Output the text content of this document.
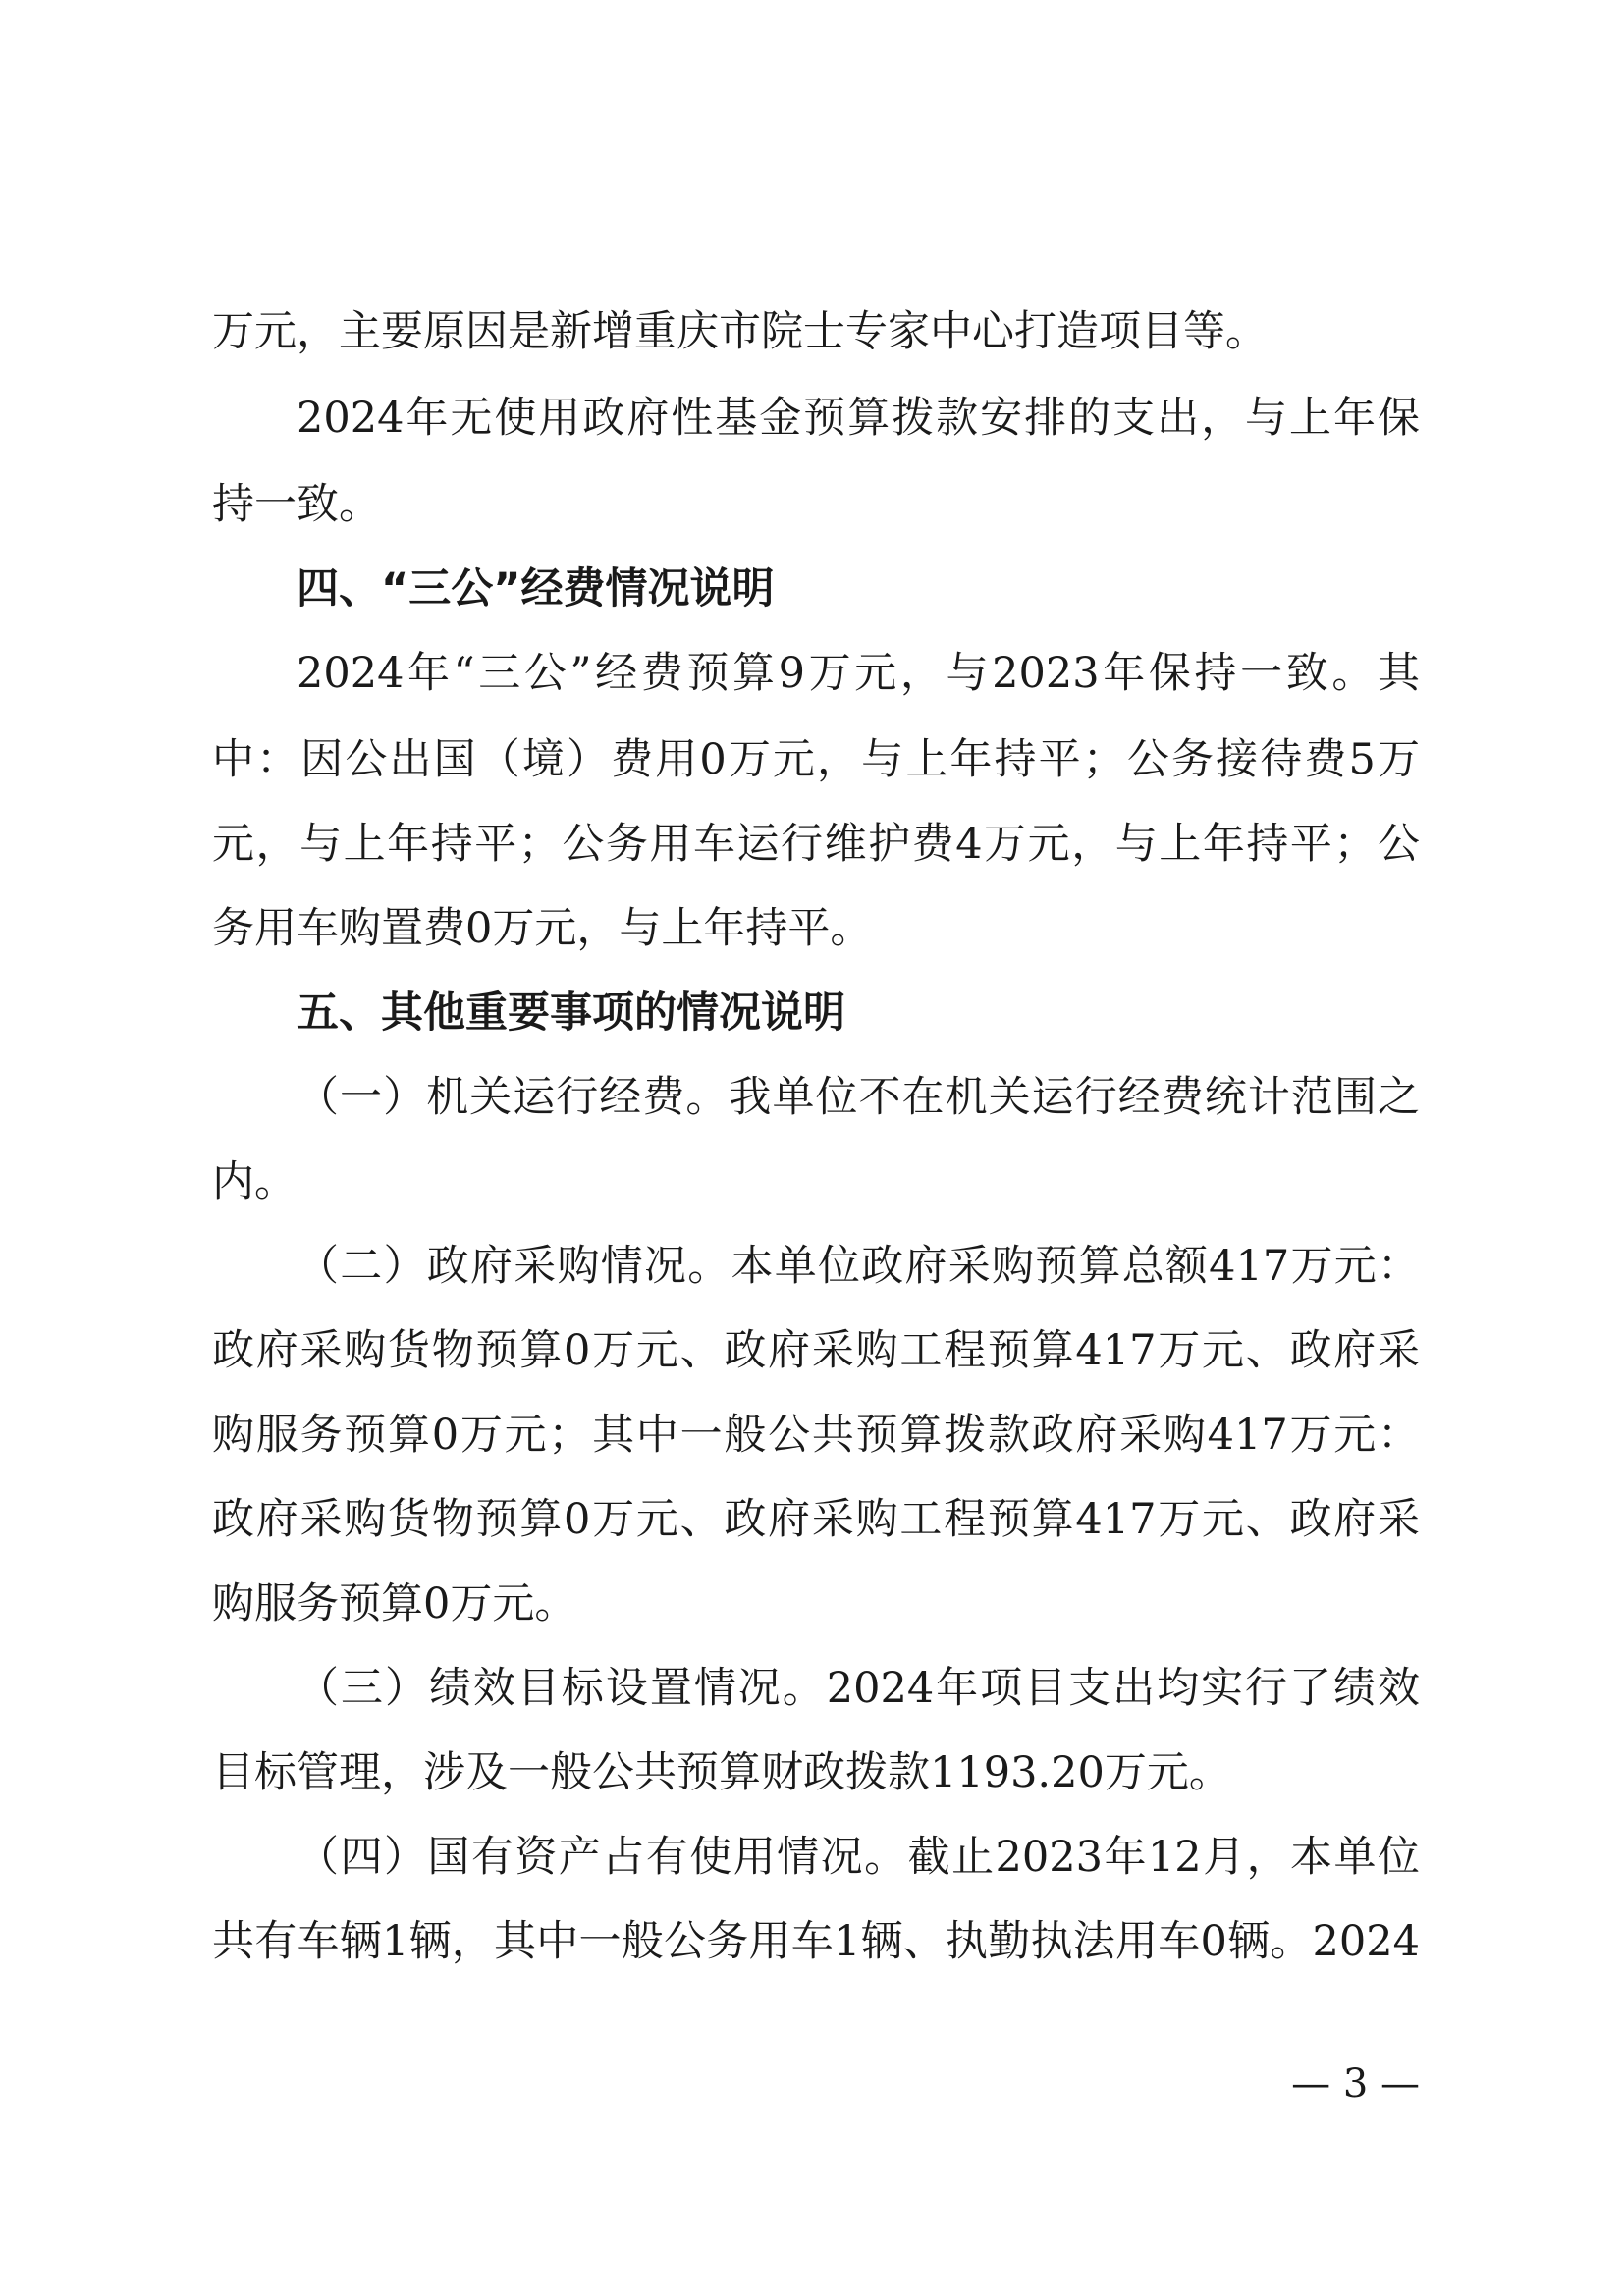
万元，主要原因是新增重庆市院士专家中心打造项目等。
2024年无使用政府性基金预算拨款安排的支出，与上年保
持一致。
四、“三公”经费情况说明
2024年“三公”经费预算9万元，与2023年保持一致。其
中：因公出国（境）费用0万元，与上年持平；公务接待费5万
元，与上年持平；公务用车运行维护费4万元，与上年持平；公
务用车购置费0万元，与上年持平。
五、其他重要事项的情况说明
（一）机关运行经费。我单位不在机关运行经费统计范围之
内。
（二）政府采购情况。本单位政府采购预算总额417万元：
政府采购货物预算0万元、政府采购工程预算417万元、政府采
购服务预算0万元；其中一般公共预算拨款政府采购417万元：
政府采购货物预算0万元、政府采购工程预算417万元、政府采
购服务预算0万元。
（三）绩效目标设置情况。2024年项目支出均实行了绩效
目标管理，涉及一般公共预算财政拨款1193.20万元。
（四）国有资产占有使用情况。截止2023年12月，本单位
共有车辆1辆，其中一般公务用车1辆、执勤执法用车0辆。2024
— 3 —
